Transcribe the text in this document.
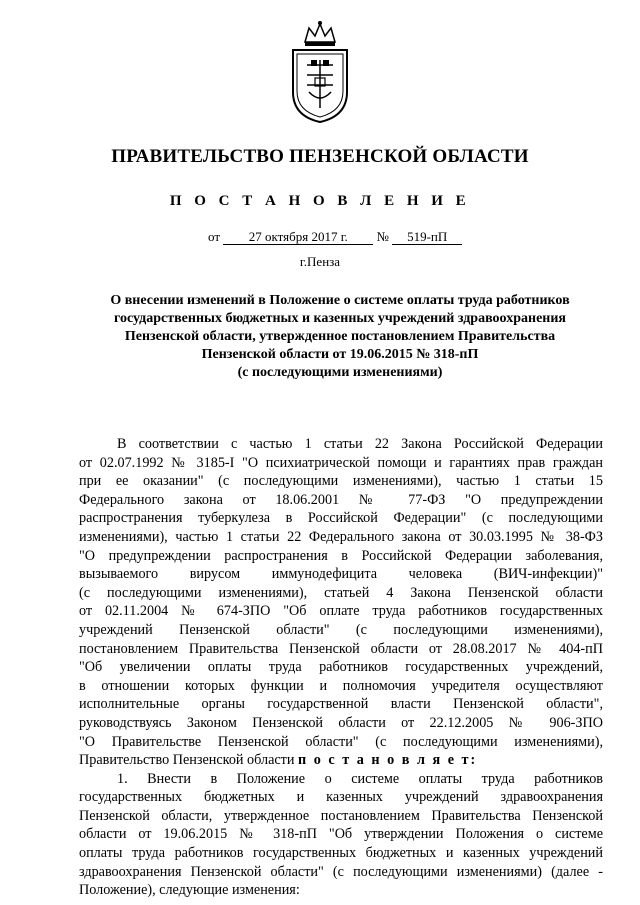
ПРАВИТЕЛЬСТВО ПЕНЗЕНСКОЙ ОБЛАСТИ
П О С Т А Н О В Л Е Н И Е
от 27 октября 2017 г. № 519-пП
г.Пенза
О внесении изменений в Положение о системе оплаты труда работников
государственных бюджетных и казенных учреждений здравоохранения
Пензенской области, утвержденное постановлением Правительства
Пензенской области от 19.06.2015 № 318-пП
(с последующими изменениями)
В соответствии с частью 1 статьи 22 Закона Российской Федерации
от 02.07.1992 № 3185-I "О психиатрической помощи и гарантиях прав граждан
при ее оказании" (с последующими изменениями), частью 1 статьи 15
Федерального закона от 18.06.2001 № 77-ФЗ "О предупреждении
распространения туберкулеза в Российской Федерации" (с последующими
изменениями), частью 1 статьи 22 Федерального закона от 30.03.1995 № 38-ФЗ
"О предупреждении распространения в Российской Федерации заболевания,
вызываемого вирусом иммунодефицита человека (ВИЧ-инфекции)"
(с последующими изменениями), статьей 4 Закона Пензенской области
от 02.11.2004 № 674-ЗПО "Об оплате труда работников государственных
учреждений Пензенской области" (с последующими изменениями),
постановлением Правительства Пензенской области от 28.08.2017 № 404-пП
"Об увеличении оплаты труда работников государственных учреждений,
в отношении которых функции и полномочия учредителя осуществляют
исполнительные органы государственной власти Пензенской области",
руководствуясь Законом Пензенской области от 22.12.2005 № 906-ЗПО
"О Правительстве Пензенской области" (с последующими изменениями),
Правительство Пензенской области п о с т а н о в л я е т:
1. Внести в Положение о системе оплаты труда работников
государственных бюджетных и казенных учреждений здравоохранения
Пензенской области, утвержденное постановлением Правительства Пензенской
области от 19.06.2015 № 318-пП "Об утверждении Положения о системе
оплаты труда работников государственных бюджетных и казенных учреждений
здравоохранения Пензенской области" (с последующими изменениями) (далее -
Положение), следующие изменения:
